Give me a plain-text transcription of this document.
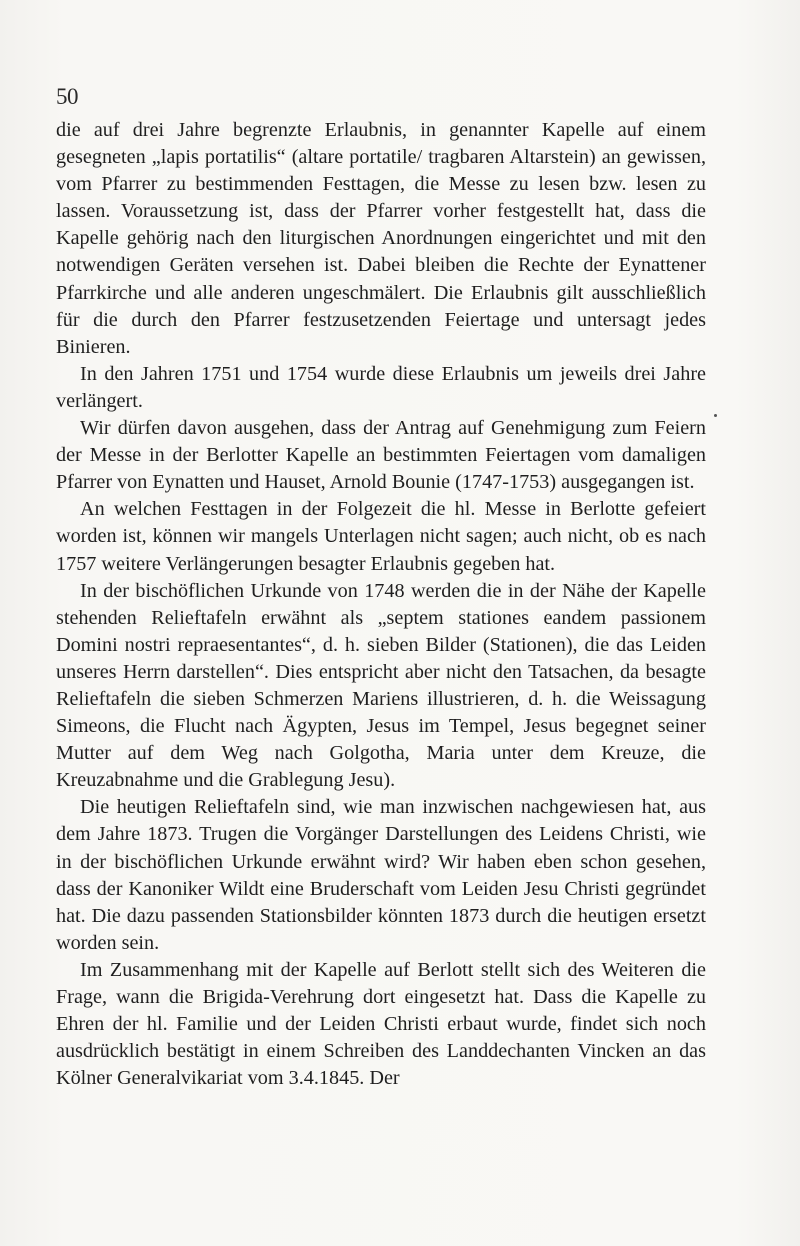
50

die auf drei Jahre begrenzte Erlaubnis, in genannter Kapelle auf einem gesegneten „lapis portatilis“ (altare portatile/ tragbaren Altarstein) an gewissen, vom Pfarrer zu bestimmenden Festtagen, die Messe zu lesen bzw. lesen zu lassen. Voraussetzung ist, dass der Pfarrer vorher festgestellt hat, dass die Kapelle gehörig nach den liturgischen Anordnungen eingerichtet und mit den notwendigen Geräten versehen ist. Dabei bleiben die Rechte der Eynattener Pfarrkirche und alle anderen ungeschmälert. Die Erlaubnis gilt ausschließlich für die durch den Pfarrer festzusetzenden Feiertage und untersagt jedes Binieren.

In den Jahren 1751 und 1754 wurde diese Erlaubnis um jeweils drei Jahre verlängert.

Wir dürfen davon ausgehen, dass der Antrag auf Genehmigung zum Feiern der Messe in der Berlotter Kapelle an bestimmten Feiertagen vom damaligen Pfarrer von Eynatten und Hauset, Arnold Bounie (1747-1753) ausgegangen ist.

An welchen Festtagen in der Folgezeit die hl. Messe in Berlotte gefeiert worden ist, können wir mangels Unterlagen nicht sagen; auch nicht, ob es nach 1757 weitere Verlängerungen besagter Erlaubnis gegeben hat.

In der bischöflichen Urkunde von 1748 werden die in der Nähe der Kapelle stehenden Relieftafeln erwähnt als „septem stationes eandem passionem Domini nostri repraesentantes“, d. h. sieben Bilder (Stationen), die das Leiden unseres Herrn darstellen“. Dies entspricht aber nicht den Tatsachen, da besagte Relieftafeln die sieben Schmerzen Mariens illustrieren, d. h. die Weissagung Simeons, die Flucht nach Ägypten, Jesus im Tempel, Jesus begegnet seiner Mutter auf dem Weg nach Golgotha, Maria unter dem Kreuze, die Kreuzabnahme und die Grablegung Jesu).

Die heutigen Relieftafeln sind, wie man inzwischen nachgewiesen hat, aus dem Jahre 1873. Trugen die Vorgänger Darstellungen des Leidens Christi, wie in der bischöflichen Urkunde erwähnt wird? Wir haben eben schon gesehen, dass der Kanoniker Wildt eine Bruderschaft vom Leiden Jesu Christi gegründet hat. Die dazu passenden Stationsbilder könnten 1873 durch die heutigen ersetzt worden sein.

Im Zusammenhang mit der Kapelle auf Berlott stellt sich des Weiteren die Frage, wann die Brigida-Verehrung dort eingesetzt hat. Dass die Kapelle zu Ehren der hl. Familie und der Leiden Christi erbaut wurde, findet sich noch ausdrücklich bestätigt in einem Schreiben des Landdechanten Vincken an das Kölner Generalvikariat vom 3.4.1845. Der
